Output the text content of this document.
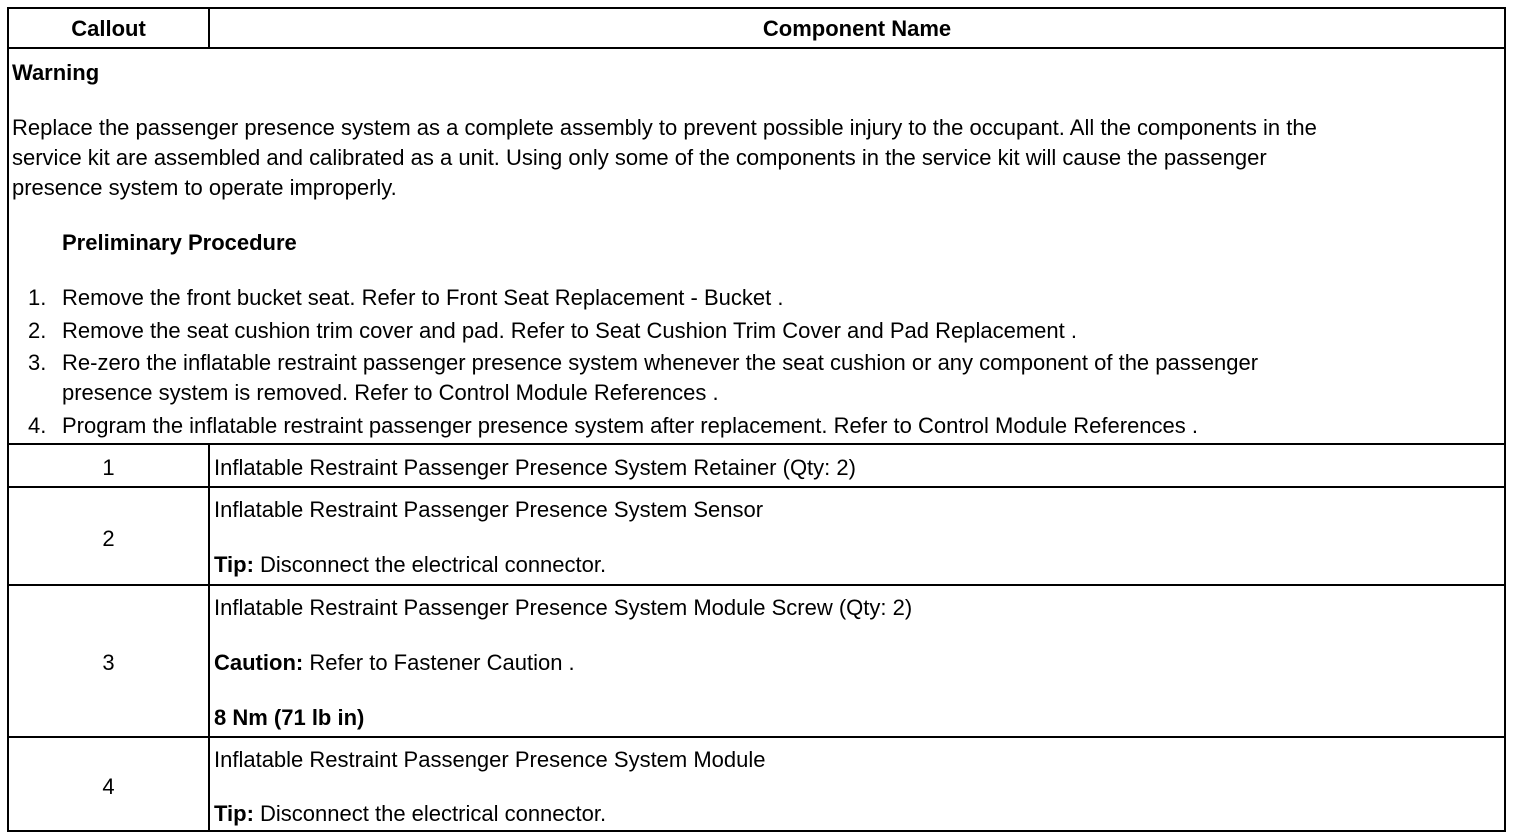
Callout	Component Name
Warning
Replace the passenger presence system as a complete assembly to prevent possible injury to the occupant. All the components in the
service kit are assembled and calibrated as a unit. Using only some of the components in the service kit will cause the passenger
presence system to operate improperly.
Preliminary Procedure
1. Remove the front bucket seat. Refer to Front Seat Replacement - Bucket .
2. Remove the seat cushion trim cover and pad. Refer to Seat Cushion Trim Cover and Pad Replacement .
3. Re-zero the inflatable restraint passenger presence system whenever the seat cushion or any component of the passenger
presence system is removed. Refer to Control Module References .
4. Program the inflatable restraint passenger presence system after replacement. Refer to Control Module References .
1	Inflatable Restraint Passenger Presence System Retainer (Qty: 2)
2
Inflatable Restraint Passenger Presence System Sensor
Tip: Disconnect the electrical connector.
3
Inflatable Restraint Passenger Presence System Module Screw (Qty: 2)
Caution: Refer to Fastener Caution .
8 Nm (71 lb in)
4
Inflatable Restraint Passenger Presence System Module
Tip: Disconnect the electrical connector.
